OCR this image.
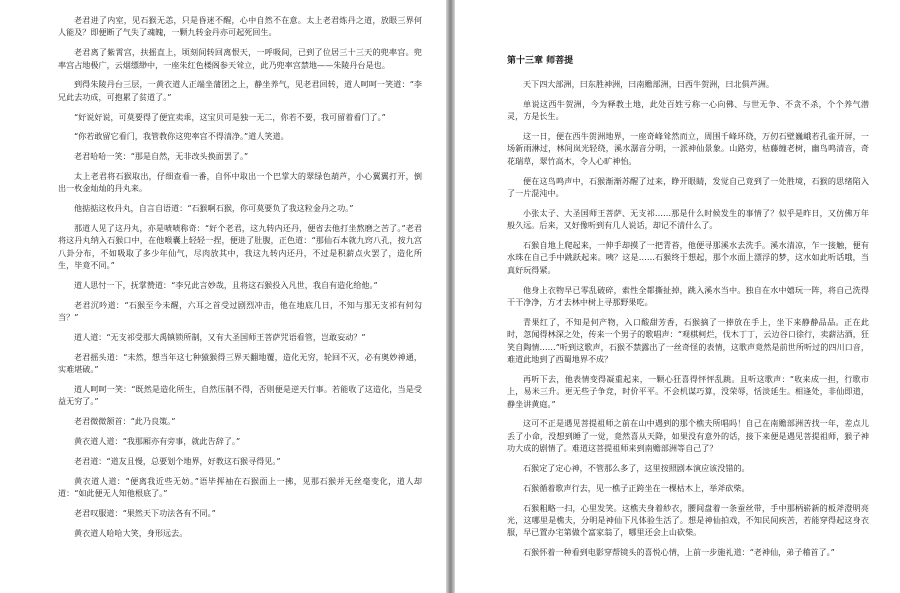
老君进了内室，见石猴无恙，只是昏迷不醒，心中自然不在意。太上老君炼丹之道，放眼三界何人能及？即便断了气失了魂魄，一颗九转金丹亦可起死回生。

老君离了紫霄宫，扶摇直上，顷刻间转回离恨天，一呼吸间，已到了位居三十三天的兜率宫。兜率宫占地极广，云烟缥缈中，一座朱红色楼阁参天耸立，此乃兜率宫禁地——朱陵丹台是也。

到得朱陵丹台三层，一黄衣道人正端坐蒲团之上，静坐养气，见老君回转，道人呵呵一笑道：“李兄此去功成，可抱累了贫道了。”

“好说好说，可莫要得了便宜卖乖，这宝贝可是独一无二，你若不要，我可留着看门了。”

“你若敢留它看门，我管教你这兜率宫不得清净。”道人笑道。

老君哈哈一笑：“那是自然，无非改头换面罢了。”

太上老君将石猴取出，仔细查看一番，自怀中取出一个巴掌大的翠绿色葫芦，小心翼翼打开，倒出一枚金灿灿的丹丸来。

他掂掂这枚丹丸，自言自语道：“石猴啊石猴，你可莫要负了我这粒金丹之功。”

那道人见了这丹丸，亦是啧啧称奇：“好个老君，这九转内还丹，便省去他打坐熬磨之苦了。”老君将这丹丸纳入石猴口中，在他喉囊上轻轻一捏，便进了肚腹，正色道：“那仙石本就九窍八孔，按九宫八卦分布，不如吸取了多少年仙气，尽肉放其中，我这九转内还丹，不过是积薪点火罢了，造化所生，毕竟不同。”

道人思忖一下，抚掌赞道：“李兄此言妙哉，且将这石猴投入凡世，我自有造化给他。”

老君沉吟道：“石猴至今未醒，六耳之首受过剧烈冲击，他在地底几日，不知与那无支祁有何勾当？”

道人道：“无支祁受那大禹镇锁所制，又有大圣国师王菩萨咒语看管，岂敢妄动？”

老君摇头道：“未然，想当年这七种猿猴得三界天翻地覆，造化无穷，轮回不灭，必有奥妙神通，实难堪破。”

道人呵呵一笑：“既然是造化所生，自然压制不得，否则便是逆天行事。若能收了这造化，当是受益无穷了。”

老君微微颔首：“此乃良策。”

黄衣道人道：“我那厢亦有旁事，就此告辞了。”

老君道：“道友且慢，总要划个地界，好教这石猴寻得见。”

黄衣道人道：“便离我近些无妨。”语毕挥袖在石猴面上一拂，见那石猴并无丝毫变化，道人却道：“如此便无人知他根底了。”

老君叹服道：“果然天下功法各有不同。”

黄衣道人哈哈大笑，身形远去。

第十三章 师菩提

天下四大部洲，曰东胜神洲，曰南赡部洲，曰西牛贺洲，曰北俱芦洲。

单说这西牛贺洲，今为释教土地，此处百姓亏称一心向佛、与世无争、不贪不杀，个个养气潜灵，方是长生。

这一日，便在西牛贺洲地界，一座奇峰耸然而立，周围千峰环绕，万仞石壁巍峨若孔雀开屏，一场新雨淋过，林间岚光轻绕，溪水潺音分明，一派神仙景象。山路旁，枯藤缠老树，幽鸟鸣清音，奇花瑞草，翠竹高木，令人心旷神怡。

便在这鸟鸣声中，石猴渐渐苏醒了过来，睁开眼睛，发觉自己竟到了一处胜境，石猴的思绪陷入了一片混沌中。

小张太子、大圣国师王菩萨、无支祁……那是什么时候发生的事情了？似乎是昨日，又仿佛万年般久远。后来，又好像听到有几人说话，却记不清什么了。

石猴自地上爬起来，一伸手却摸了一把青苔，他便寻那溪水去洗手。溪水清凉，乍一接触，便有水珠在自己手中跳跃起来。咦？这是……石猴终于想起，那个水面上漂浮的梦，这水如此听话哦，当真好玩得紧。

他身上衣物早已零乱破碎，索性全都撕扯掉，跳入溪水当中。独自在水中嬉玩一阵，将自己洗得干干净净，方才去林中树上寻那野果吃。

青果红了，不知是何产物，入口酸甜芳香，石猴摘了一捧放在手上，坐下来静静品品。正在此时，忽闻得林深之处，传来一个男子的歌唱声：“观棋柯烂，伐木丁丁，云边谷口徐行，卖薪沽酒，狂笑自陶情……”听到这歌声，石猴不禁露出了一丝奇怪的表情，这歌声竟然是前世所听过的四川口音，难道此地到了西蜀地界不成？

再听下去，他表情变得凝重起来，一颗心狂喜得怦怦乱跳。且听这歌声：“收来成一担，行歌市上，易米三升。更无些子争竞，时价平平。不会机谋巧算，没荣辱，恬淡延生。相逢处，非仙即道，静坐讲黄庭。”

这可不正是遇见菩提祖师之前在山中遇到的那个樵夫所唱吗！自己在南赡部洲苦找一年，差点儿丢了小命，没想到睡了一觉，竟然喜从天降，如果没有意外的话，接下来便是遇见菩提祖师，猴子神功大成的剧情了。难道这菩提祖师来到南赡部洲等自己了？

石猴定了定心神，不管那么多了，这里按照剧本演应该没错的。

石猴循着歌声行去，见一樵子正跨坐在一棵枯木上，举斧砍柴。

石猴粗略一扫，心里发笑。这樵夫身着紗衣，腰间盘着一条蚕丝带，手中那柄崭新的板斧澄明亮光，这哪里是樵夫，分明是神仙下凡体验生活了。想是神仙拍戏，不知民间疾苦，若能穿得起这身衣服，早已置办宅第做个富家翁了，哪里还会上山砍柴。

石猴怀着一种看到电影穿帮镜头的喜悦心情，上前一步施礼道：“老神仙，弟子稽首了。”
